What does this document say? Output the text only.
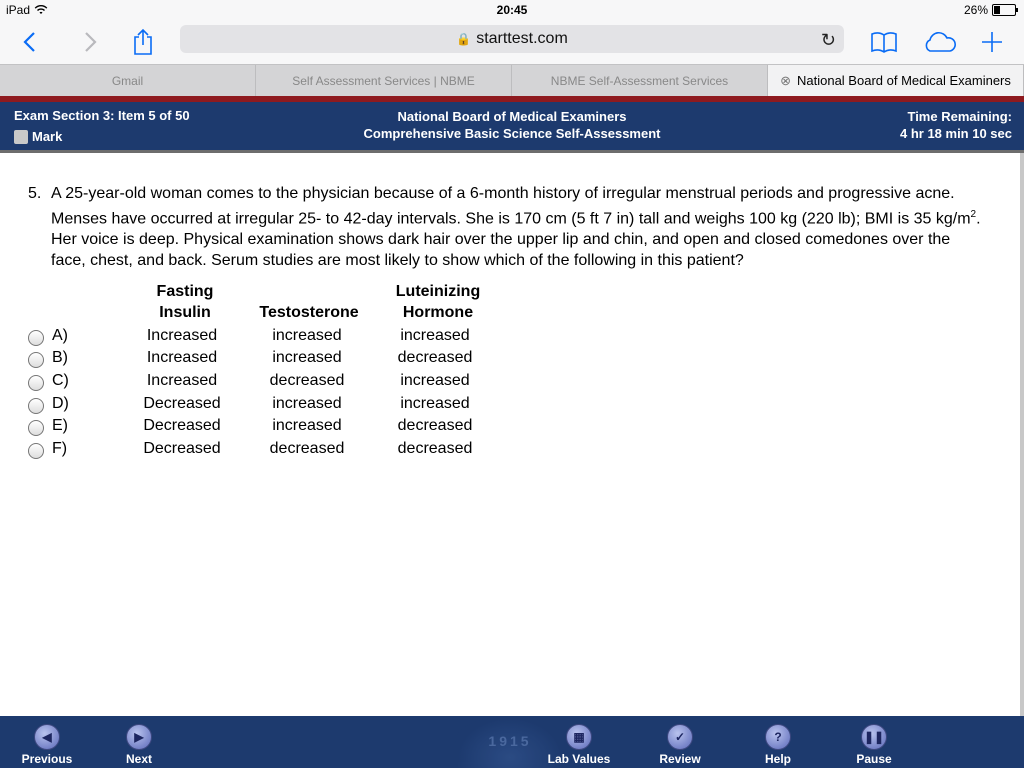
iPad	20:45	26%
🔒 starttest.com	↻
Gmail	Self Assessment Services | NBME	NBME Self-Assessment Services	⊗ National Board of Medical Examiners
Exam Section 3: Item 5 of 50
Mark
National Board of Medical Examiners
Comprehensive Basic Science Self-Assessment
Time Remaining:
4 hr 18 min 10 sec
5. A 25-year-old woman comes to the physician because of a 6-month history of irregular menstrual periods and progressive acne. Menses have occurred at irregular 25- to 42-day intervals. She is 170 cm (5 ft 7 in) tall and weighs 100 kg (220 lb); BMI is 35 $kg/m^2$. Her voice is deep. Physical examination shows dark hair over the upper lip and chin, and open and closed comedones over the face, chest, and back. Serum studies are most likely to show which of the following in this patient?
Fasting
Insulin	Testosterone
Luteinizing
Hormone
A)	Increased	increased	increased
B)	Increased	increased	decreased
C)	Increased	decreased	increased
D)	Decreased	increased	increased
E)	Decreased	increased	decreased
F)	Decreased	decreased	decreased
1915
◀
Previous
▶
Next
▦
Lab Values
✓
Review
?
Help
❚❚
Pause
